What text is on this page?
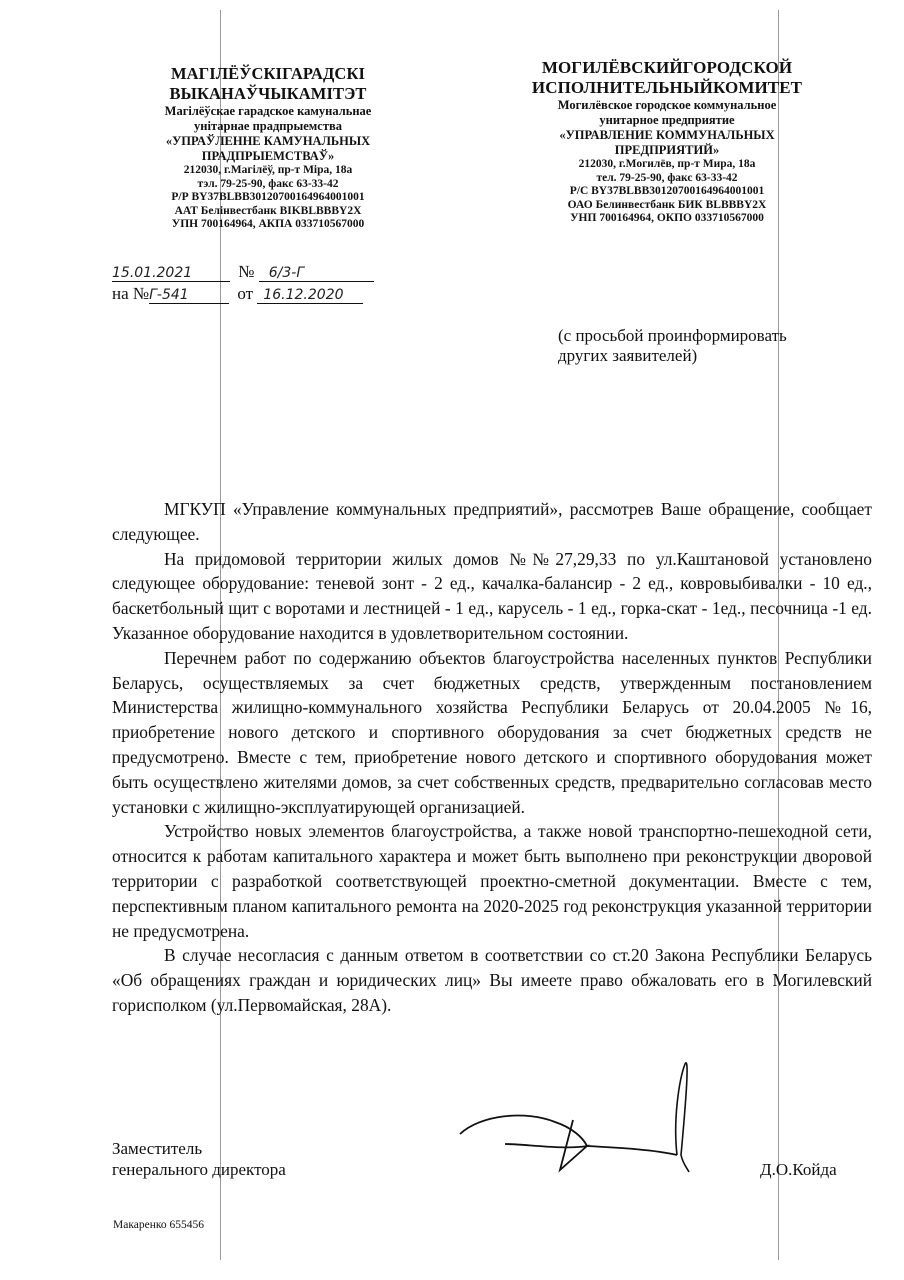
МАГІЛЁЎСКІГАРАДСКІ
ВЫКАНАЎЧЫКАМІТЭТ
Магілёўскае гарадское камунальнае
унітарнае прадпрыемства
«УПРАЎЛЕННЕ КАМУНАЛЬНЫХ
ПРАДПРЫЕМСТВАЎ»
212030, г.Магілёў, пр-т Міра, 18а
тэл. 79-25-90, факс 63-33-42
Р/Р BY37BLBB30120700164964001001
ААТ Белінвестбанк BIKBLBBBY2X
УПН 700164964, АКПА 033710567000
МОГИЛЁВСКИЙГОРОДСКОЙ
ИСПОЛНИТЕЛЬНЫЙКОМИТЕТ
Могилёвское городское коммунальное
унитарное предприятие
«УПРАВЛЕНИЕ КОММУНАЛЬНЫХ
ПРЕДПРИЯТИЙ»
212030, г.Могилёв, пр-т Мира, 18а
тел. 79-25-90, факс 63-33-42
Р/С BY37BLBB30120700164964001001
ОАО Белинвестбанк БИК BLBBBY2X
УНП 700164964, ОКПО 033710567000
15.01.2021	№ 6/3-Г
на №Г-541	от 16.12.2020
(с просьбой проинформировать
других заявителей)

МГКУП «Управление коммунальных предприятий», рассмотрев Ваше обращение, сообщает следующее.

На придомовой территории жилых домов №№27,29,33 по ул.Каштановой установлено следующее оборудование: теневой зонт - 2 ед., качалка-балансир - 2 ед., ковровыбивалки - 10 ед., баскетбольный щит с воротами и лестницей - 1 ед., карусель - 1 ед., горка-скат - 1ед., песочница -1 ед. Указанное оборудование находится в удовлетворительном состоянии.

Перечнем работ по содержанию объектов благоустройства населенных пунктов Республики Беларусь, осуществляемых за счет бюджетных средств, утвержденным постановлением Министерства жилищно-коммунального хозяйства Республики Беларусь от 20.04.2005 №16, приобретение нового детского и спортивного оборудования за счет бюджетных средств не предусмотрено. Вместе с тем, приобретение нового детского и спортивного оборудования может быть осуществлено жителями домов, за счет собственных средств, предварительно согласовав место установки с жилищно-эксплуатирующей организацией.

Устройство новых элементов благоустройства, а также новой транспортно-пешеходной сети, относится к работам капитального характера и может быть выполнено при реконструкции дворовой территории с разработкой соответствующей проектно-сметной документации. Вместе с тем, перспективным планом капитального ремонта на 2020-2025 год реконструкция указанной территории не предусмотрена.

В случае несогласия с данным ответом в соответствии со ст.20 Закона Республики Беларусь «Об обращениях граждан и юридических лиц» Вы имеете право обжаловать его в Могилевский горисполком (ул.Первомайская, 28А).

Заместитель
генерального директора	Д.О.Койда
Макаренко 655456
